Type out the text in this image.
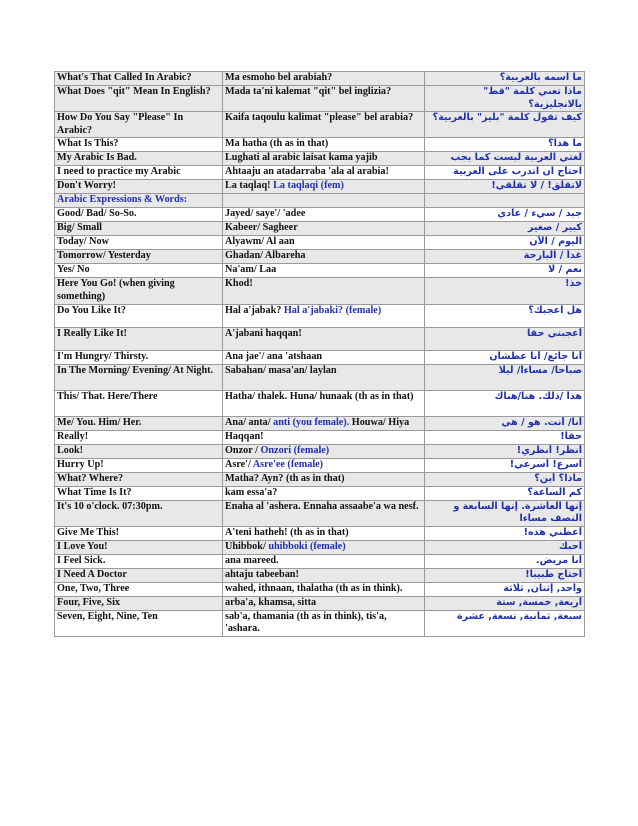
What's That Called In Arabic?	Ma esmoho bel arabiah?	ما اسمه بالعربية؟
What Does "qit" Mean In English?	Mada ta'ni kalemat "qit" bel inglizia?	ماذا تعني كلمة "قط" بالانجليزية؟
How Do You Say "Please" In Arabic?	Kaifa taqoulu kalimat "please" bel arabia?	كيف تقول كلمة "بليز" بالعربية؟
What Is This?	Ma hatha (th as in that)	ما هذا؟
My Arabic Is Bad.	Lughati al arabic laisat kama yajib	لغتي العربية ليست كما يجب
I need to practice my Arabic	Ahtaaju an atadarraba 'ala al arabia!	احتاج ان اتدرب على العربية
Don't Worry!	La taqlaq! La taqlaqi (fem)	لاتقلق! / لا تقلقي!
Arabic Expressions & Words:		
Good/ Bad/ So-So.	Jayed/ saye'/ 'adee	جيد / سيء / عادي
Big/ Small	Kabeer/ Sagheer	كبير / صغير
Today/ Now	Alyawm/ Al aan	اليوم / الآن
Tomorrow/ Yesterday	Ghadan/ Albareha	غداً / البارحة
Yes/ No	Na'am/ Laa	نعم / لا
Here You Go! (when giving something)	Khod!	خذ!
Do You Like It?	Hal a'jabak? Hal a'jabaki? (female)	هل اعجبك؟
I Really Like It!	A'jabani haqqan!	أعجبني حقا
I'm Hungry/ Thirsty.	Ana jae'/ ana 'atshaan	أنا جائع/ أنا عطشان
In The Morning/ Evening/ At Night.	Sabahan/ masa'an/ laylan	صباحا/ مساءا/ ليلا
This/ That. Here/There	Hatha/ thalek. Huna/ hunaak (th as in that)	هذا /ذلك. هنا/هناك
Me/ You. Him/ Her.	Ana/ anta/ anti (you female). Houwa/ Hiya	أنا/ أنت. هو / هي
Really!	Haqqan!	حقا!
Look!	Onzor / Onzori (female)	أنظر! أنظري!
Hurry Up!	Asre'/ Asre'ee (female)	أسرع! أسرعي!
What? Where?	Matha? Ayn? (th as in that)	ماذا؟ أين؟
What Time Is It?	kam essa'a?	كم الساعة؟
It's 10 o'clock. 07:30pm.	Enaha al 'ashera. Ennaha assaabe'a wa nesf.	إنها العاشرة. إنها السابعة و النصف مساءا
Give Me This!	A'teni hatheh! (th as in that)	أعطني هذه!
I Love You!	Uhibbok/ uhibboki (female)	أحبك
I Feel Sick.	ana mareed.	أنا مريض.
I Need A Doctor	ahtaju tabeeban!	أحتاج طبيبا!
One, Two, Three	wahed, ithnaan, thalatha (th as in think).	واحد, إثنان, ثلاثة
Four, Five, Six	arba'a, khamsa, sitta	أربعة, خمسة, ستة
Seven, Eight, Nine, Ten	sab'a, thamania (th as in think), tis'a, 'ashara.	سبعة, ثمانية, تسعة, عشرة
